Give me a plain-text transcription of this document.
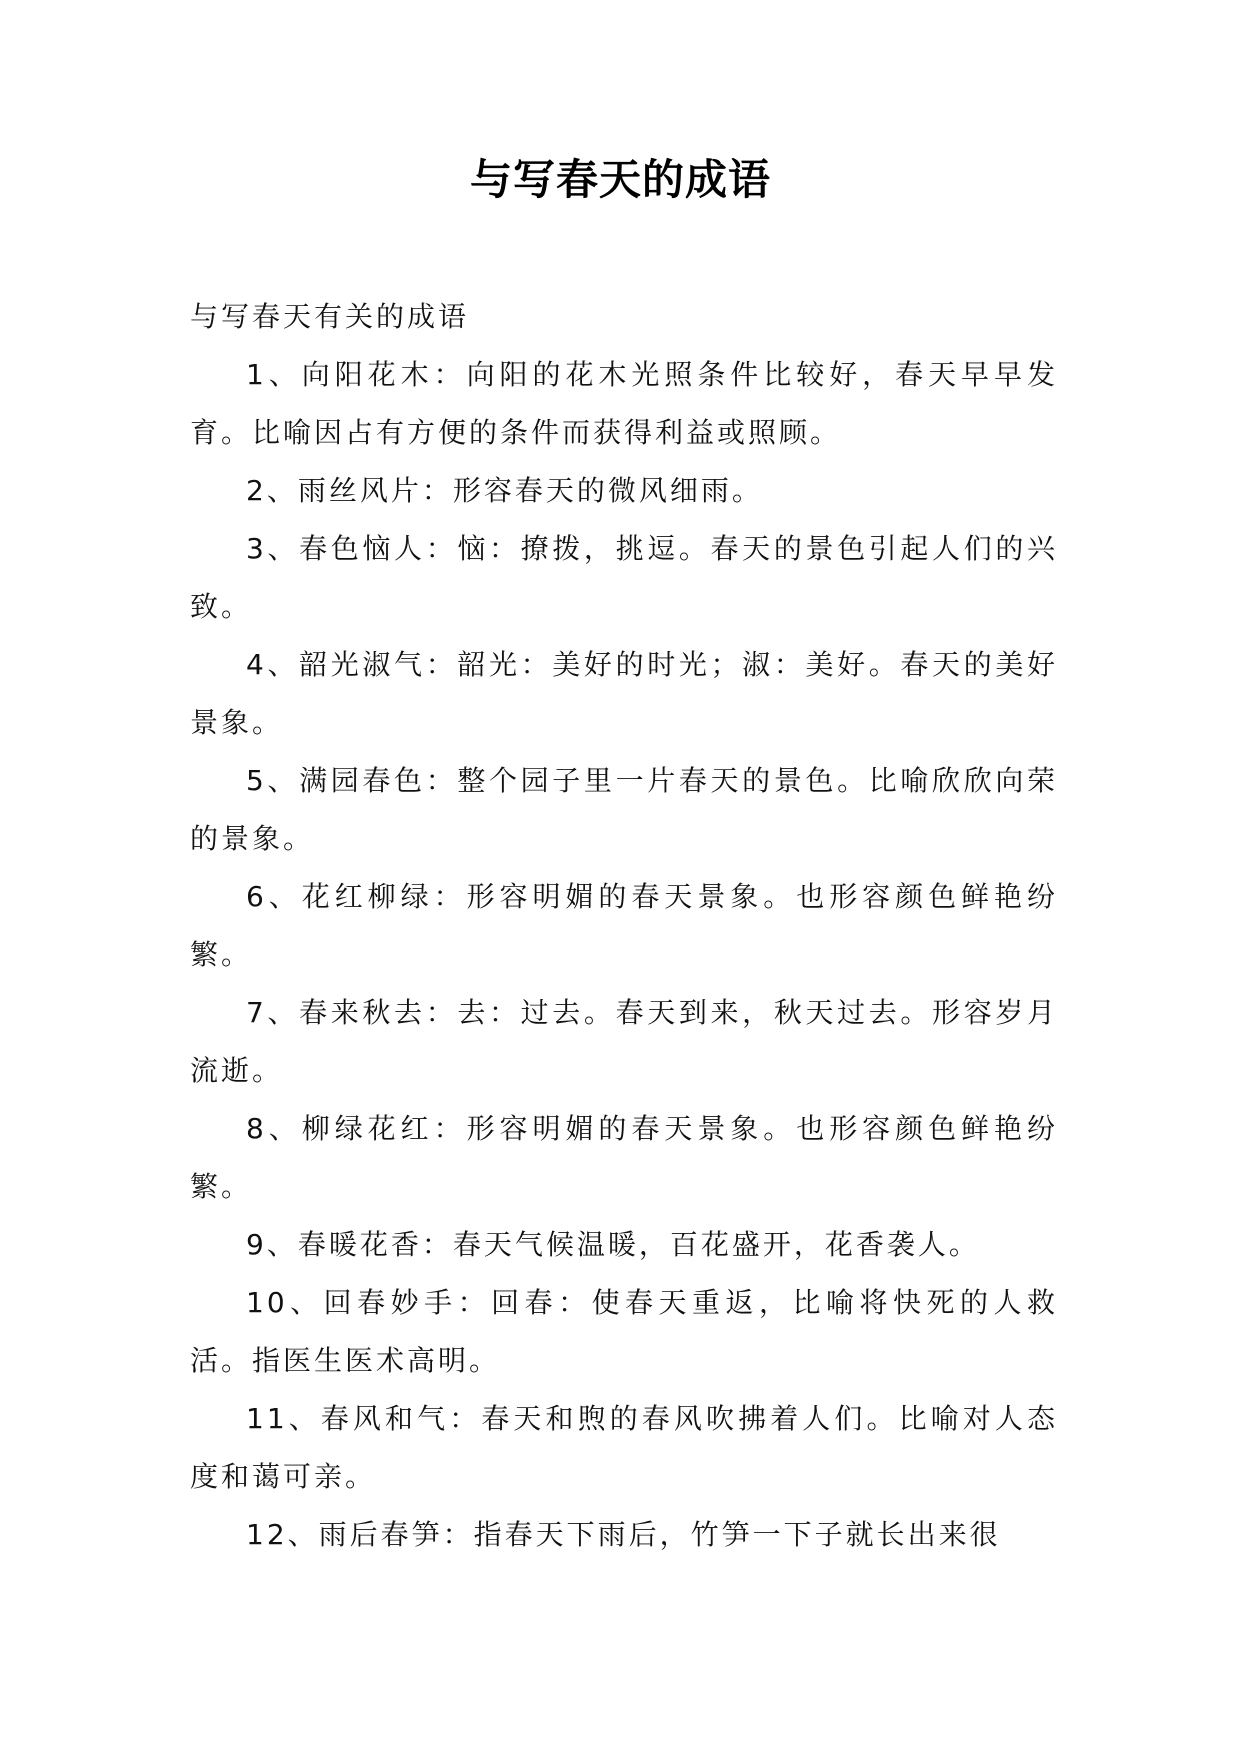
与写春天的成语

与写春天有关的成语

1、向阳花木：向阳的花木光照条件比较好，春天早早发育。比喻因占有方便的条件而获得利益或照顾。

2、雨丝风片：形容春天的微风细雨。

3、春色恼人：恼：撩拨，挑逗。春天的景色引起人们的兴致。

4、韶光淑气：韶光：美好的时光；淑：美好。春天的美好景象。

5、满园春色：整个园子里一片春天的景色。比喻欣欣向荣的景象。

6、花红柳绿：形容明媚的春天景象。也形容颜色鲜艳纷繁。

7、春来秋去：去：过去。春天到来，秋天过去。形容岁月流逝。

8、柳绿花红：形容明媚的春天景象。也形容颜色鲜艳纷繁。

9、春暖花香：春天气候温暖，百花盛开，花香袭人。

10、回春妙手：回春：使春天重返，比喻将快死的人救活。指医生医术高明。

11、春风和气：春天和煦的春风吹拂着人们。比喻对人态度和蔼可亲。

12、雨后春笋：指春天下雨后，竹笋一下子就长出来很
